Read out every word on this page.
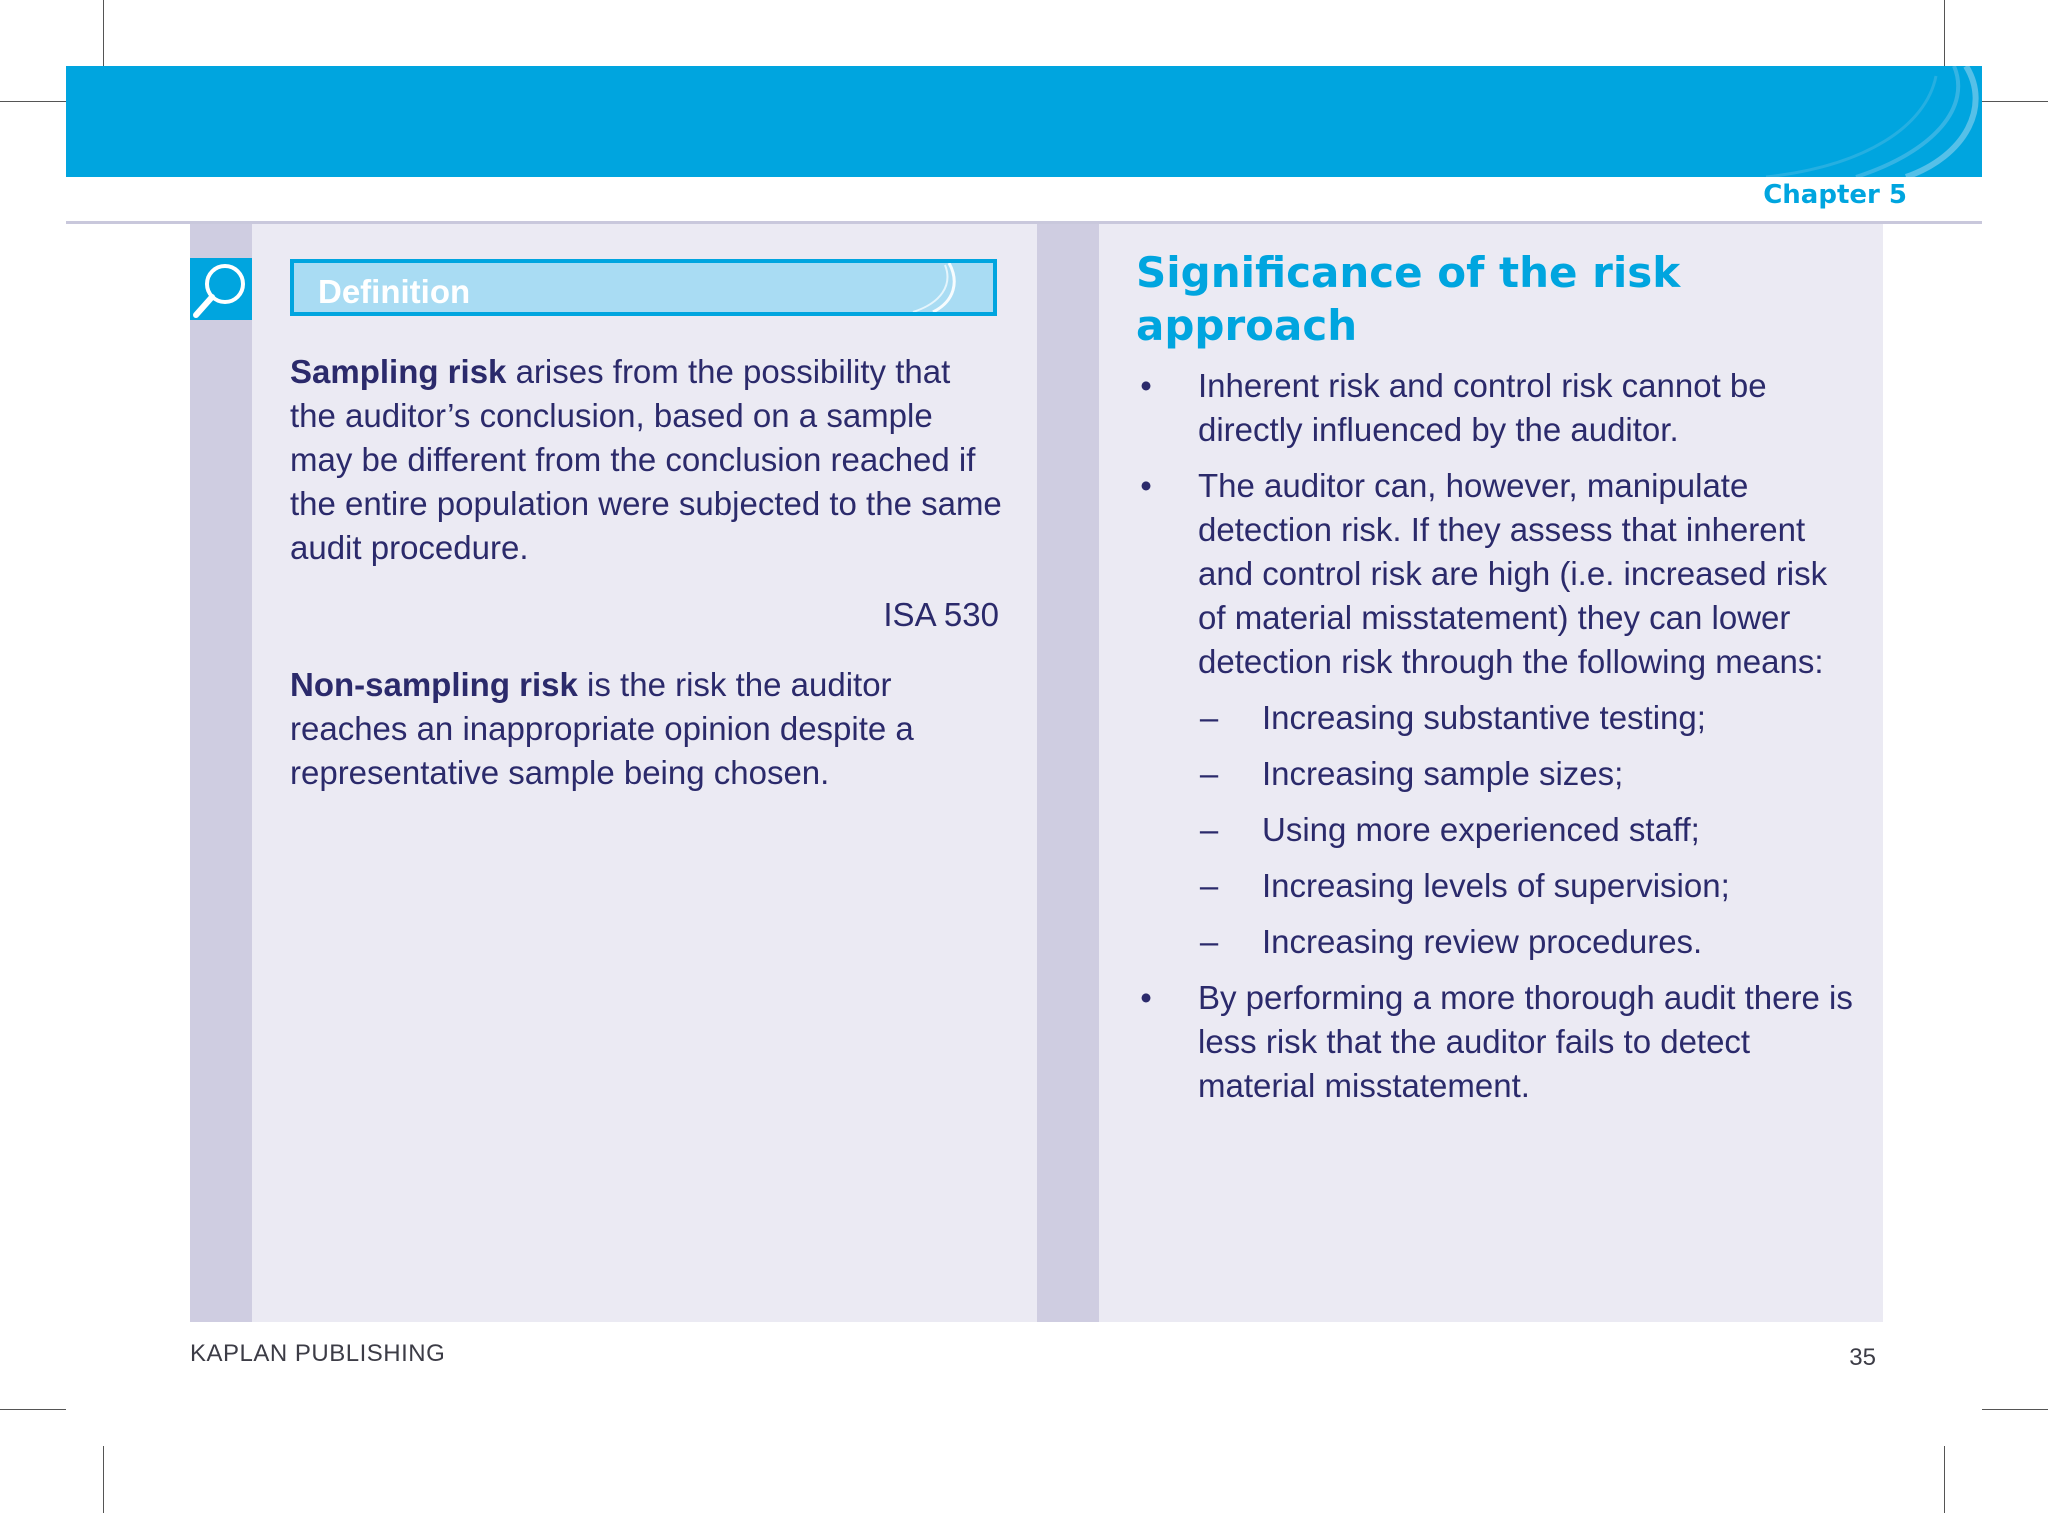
Chapter 5
Definition
Sampling risk arises from the possibility that the auditor’s conclusion, based on a sample may be different from the conclusion reached if the entire population were subjected to the same audit procedure.
ISA 530
Non-sampling risk is the risk the auditor reaches an inappropriate opinion despite a representative sample being chosen.
Significance of the risk approach
• Inherent risk and control risk cannot be directly influenced by the auditor.
• The auditor can, however, manipulate detection risk. If they assess that inherent and control risk are high (i.e. increased risk of material misstatement) they can lower detection risk through the following means:
– Increasing substantive testing;
– Increasing sample sizes;
– Using more experienced staff;
– Increasing levels of supervision;
– Increasing review procedures.
• By performing a more thorough audit there is less risk that the auditor fails to detect material misstatement.
KAPLAN PUBLISHING	35
